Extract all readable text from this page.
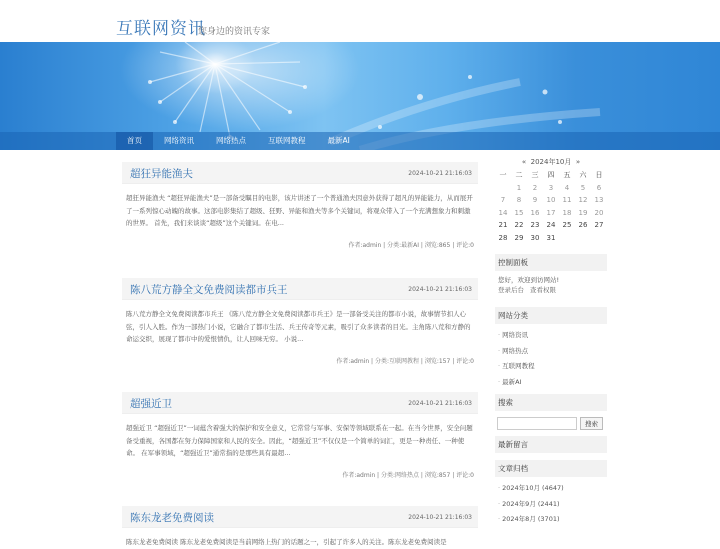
互联网资讯
您身边的资讯专家
首页	网络资讯	网络热点	互联网教程	最新AI
超狂异能渔夫	2024-10-21 21:16:03
超狂异能渔夫 “超狂异能渔夫”是一部备受瞩目的电影，该片讲述了一个普通渔夫因意外获得了超凡的异能能力，从而展开了一系列惊心动魄的故事。这部电影集结了超级、狂野、异能和渔夫等多个关键词，将观众带入了一个充满想象力和刺激的世界。 首先，我们来谈谈“超级”这个关键词。在电...
作者:admin | 分类:最新AI | 浏览:865 | 评论:0
陈八荒方静全文免费阅读都市兵王	2024-10-21 21:16:03
陈八荒方静全文免费阅读都市兵王 《陈八荒方静全文免费阅读都市兵王》是一部备受关注的都市小说，故事情节扣人心弦，引人入胜。作为一部热门小说，它融合了都市生活、兵王传奇等元素，吸引了众多读者的目光。主角陈八荒和方静的命运交织，展现了都市中的爱恨情仇，让人回味无穷。 小说...
作者:admin | 分类:互联网教程 | 浏览:157 | 评论:0
超强近卫	2024-10-21 21:16:03
超强近卫 “超强近卫”一词蕴含着强大的保护和安全意义，它常常与军事、安保等领域联系在一起。在当今世界，安全问题备受重视，各国都在努力保障国家和人民的安全。因此，“超强近卫”不仅仅是一个简单的词汇，更是一种责任、一种使命。 在军事领域，“超强近卫”通常指的是那些具有最超...
作者:admin | 分类:网络热点 | 浏览:857 | 评论:0
陈东龙老免费阅读	2024-10-21 21:16:03
陈东龙老免费阅读 陈东龙老免费阅读是当前网络上热门的话题之一，引起了许多人的关注。陈东龙老免费阅读是
« 2024年10月 »
一	二	三	四	五	六	日
	1	2	3	4	5	6
7	8	9	10	11	12	13
14	15	16	17	18	19	20
21	22	23	24	25	26	27
28	29	30	31			
控制面板
您好，欢迎到访网站!
登录后台 查看权限
网站分类
· 网络资讯
· 网络热点
· 互联网教程
· 最新AI
搜索
搜索
最新留言
文章归档
· 2024年10月 (4647)
· 2024年9月 (2441)
· 2024年8月 (3701)
